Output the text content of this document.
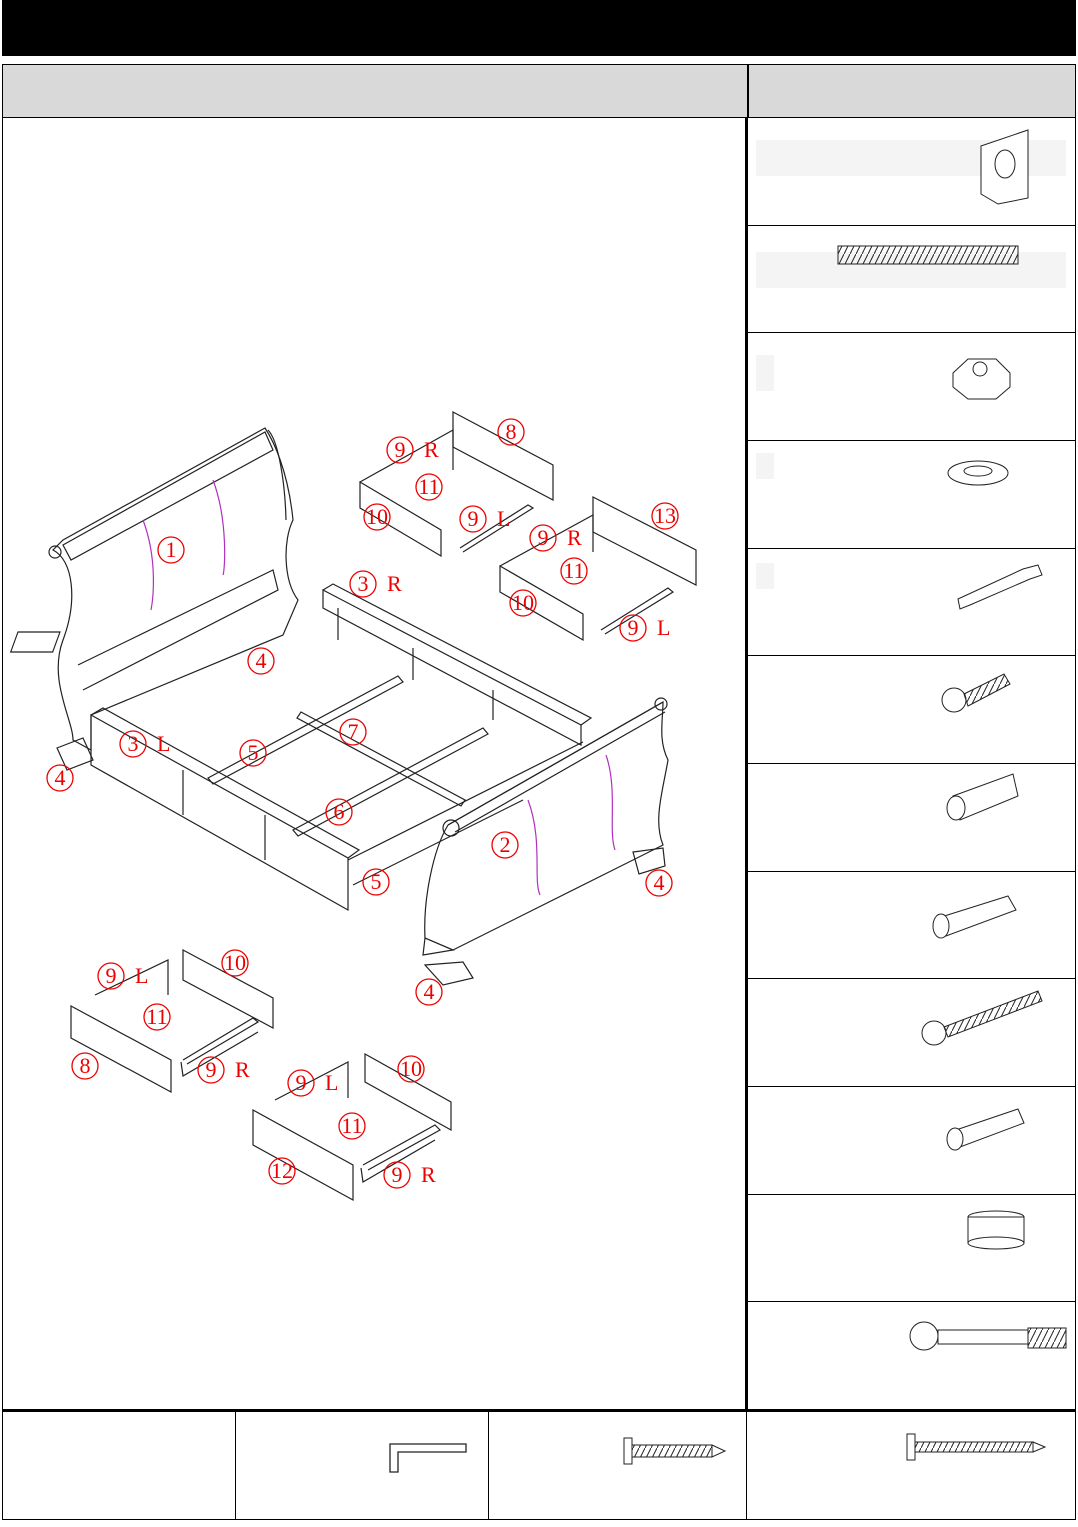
1
2
3 R
3 L
4
4
4
4
5
5
6
7
8
8
9 R
9 L
9 R
9 L
9 L
9 R
9 L
9 R
10
10
10
10
11
11
11
11
12
13
